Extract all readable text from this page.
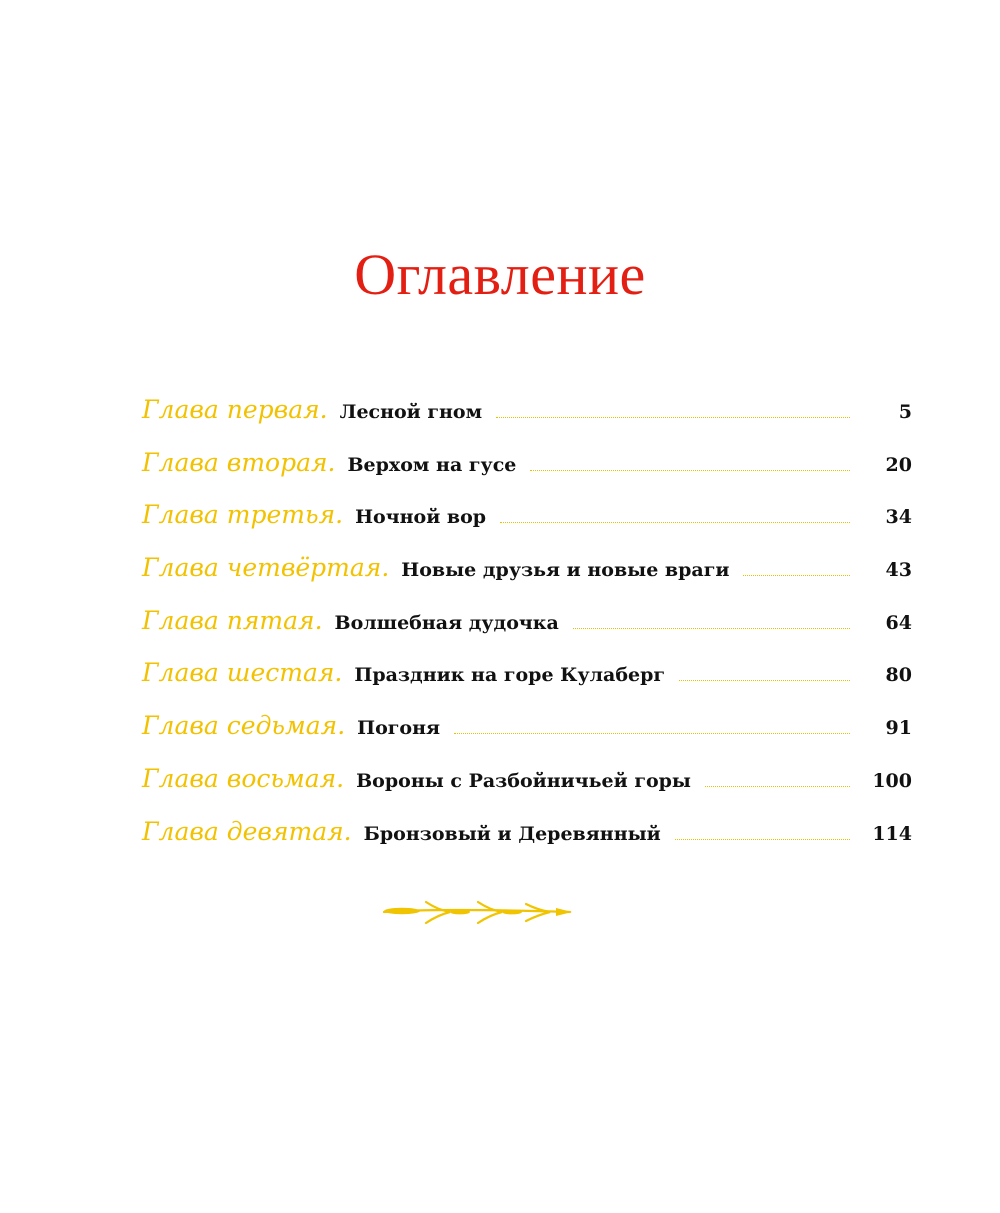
Оглавление
Глава первая. Лесной гном	5
Глава вторая. Верхом на гусе	20
Глава третья. Ночной вор	34
Глава четвёртая. Новые друзья и новые враги	43
Глава пятая. Волшебная дудочка	64
Глава шестая. Праздник на горе Кулаберг	80
Глава седьмая. Погоня	91
Глава восьмая. Вороны с Разбойничьей горы	100
Глава девятая. Бронзовый и Деревянный	114
